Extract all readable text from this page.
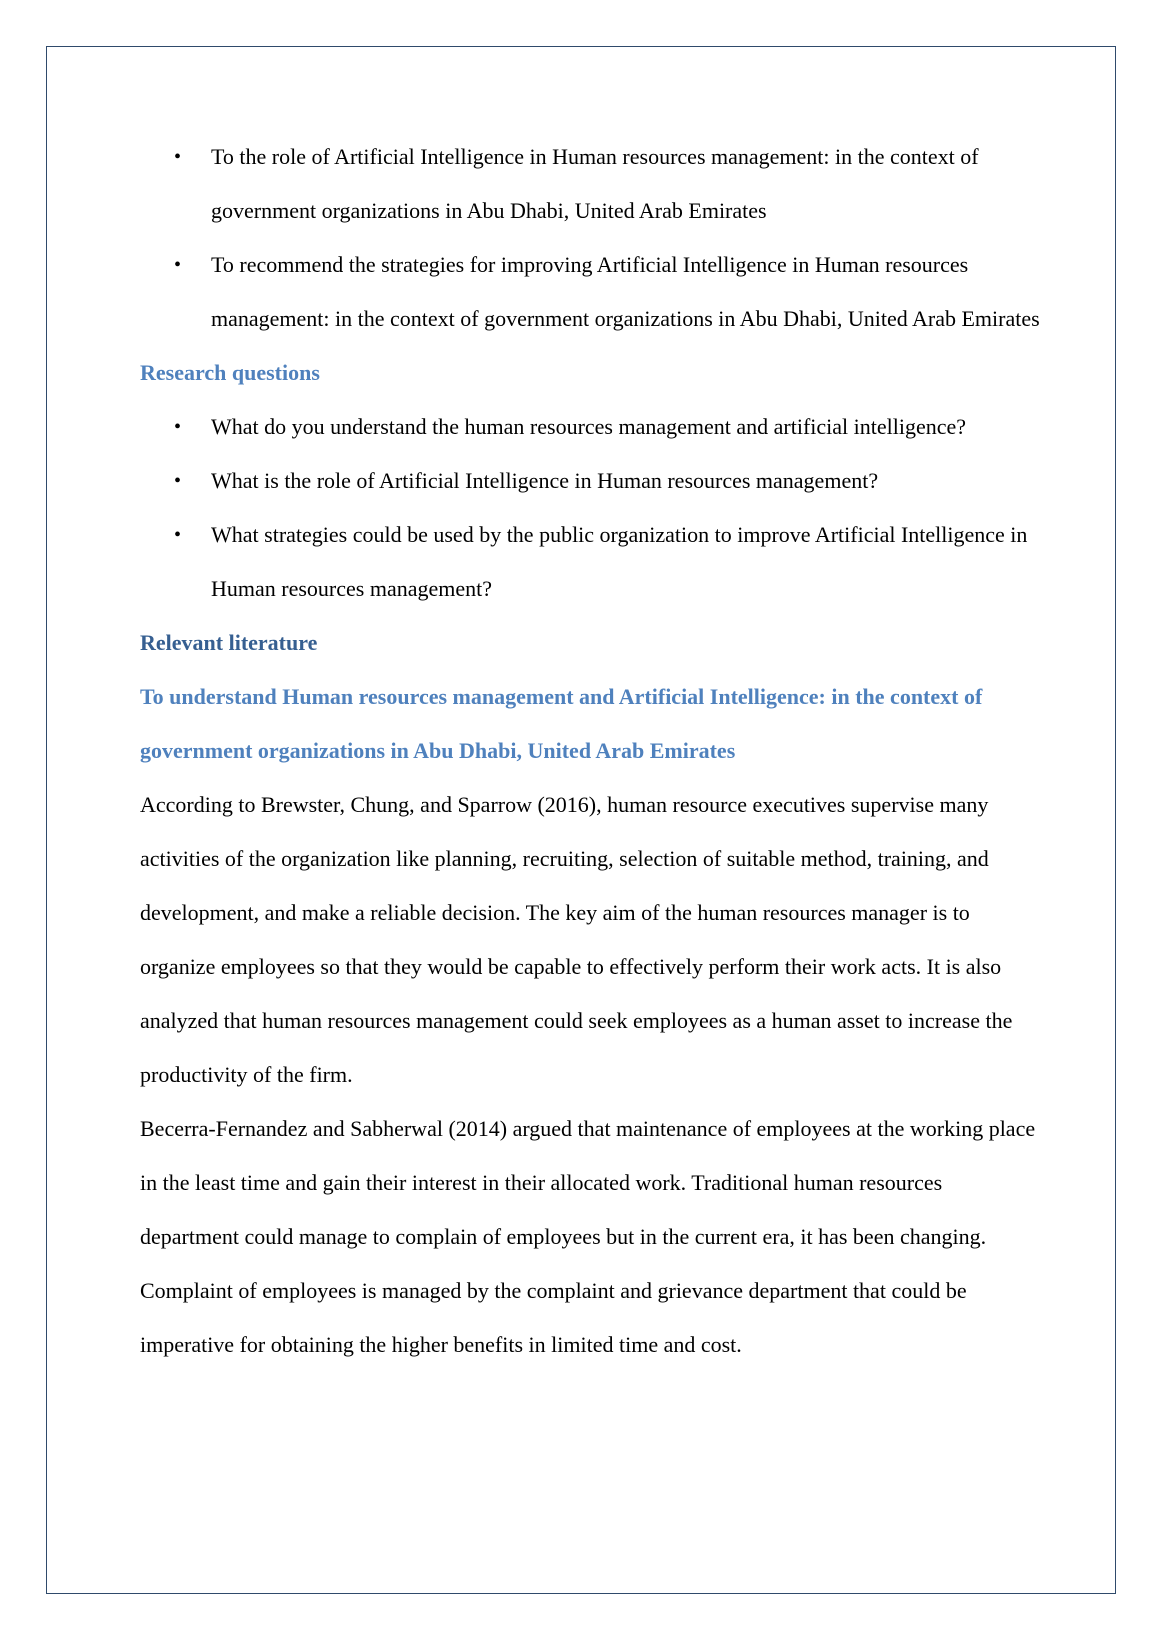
• To the role of Artificial Intelligence in Human resources management: in the context of government organizations in Abu Dhabi, United Arab Emirates
• To recommend the strategies for improving Artificial Intelligence in Human resources management: in the context of government organizations in Abu Dhabi, United Arab Emirates
Research questions
• What do you understand the human resources management and artificial intelligence?
• What is the role of Artificial Intelligence in Human resources management?
• What strategies could be used by the public organization to improve Artificial Intelligence in Human resources management?
Relevant literature
To understand Human resources management and Artificial Intelligence: in the context of government organizations in Abu Dhabi, United Arab Emirates

According to Brewster, Chung, and Sparrow (2016), human resource executives supervise many activities of the organization like planning, recruiting, selection of suitable method, training, and development, and make a reliable decision. The key aim of the human resources manager is to organize employees so that they would be capable to effectively perform their work acts. It is also analyzed that human resources management could seek employees as a human asset to increase the productivity of the firm.

Becerra-Fernandez and Sabherwal (2014) argued that maintenance of employees at the working place in the least time and gain their interest in their allocated work. Traditional human resources department could manage to complain of employees but in the current era, it has been changing. Complaint of employees is managed by the complaint and grievance department that could be imperative for obtaining the higher benefits in limited time and cost.
